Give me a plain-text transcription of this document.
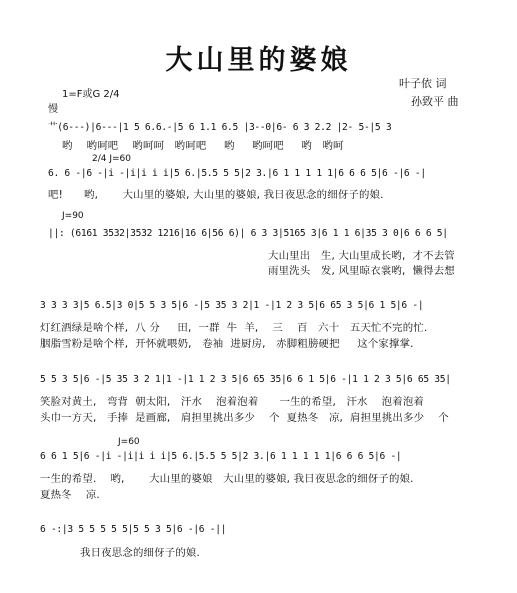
大山里的婆娘
叶子依 词
孙致平 曲
1=F或G 2/4
慢
艹(6---)|6---|1 5 6.6.-|5 6 1.1 6.5 |3--0|6- 6 3 2.2 |2- 5-|5 3
哟    哟呵吧    哟呵呵   哟呵吧     哟     哟呵吧     哟   哟呵
2/4 J=60
6. 6 -|6 -|i -|i|i i i|5 6.|5.5 5 5|2 3.|6 1 1 1 1 1|6 6 6 5|6 -|6 -|
吧!      哟,       大山里的婆娘, 大山里的婆娘, 我日夜思念的细伢子的娘.
J=90
||: (6161 3532|3532 1216|16 6|56 6)| 6 3 3|5165 3|6 1 1 6|35 3 0|6 6 6 5|
大山里出   生, 大山里成长哟,  才不去管
雨里洗头   发, 风里晾衣裳哟,  懒得去想
3 3 3 3|5 6.5|3 0|5 5 3 5|6 -|5 35 3 2|1 -|1 2 3 5|6 65 3 5|6 1 5|6 -|
灯红酒绿是啥个样,  八 分     田,  一群  牛  羊,    三    百   六十   五天忙不完的忙.
胭脂雪粉是啥个样,  开怀就喂奶,   卷袖  进厨房,   赤脚粗膀硬把     这个家撑掌.
5 5 3 5|6 -|5 35 3 2 1|1 -|1 1 2 3 5|6 65 35|6 6 1 5|6 -|1 1 2 3 5|6 65 35|
笑脸对黄土,   弯背  朝太阳,   汗水    泡着泡着      一生的希望,   汗水    泡着泡着
头巾一方天,   手捧  是画廊,   肩担里挑出多少    个  夏热冬   凉,  肩担里挑出多少    个
J=60
6 6 1 5|6 -|i -|i|i i i|5 6.|5.5 5 5|2 3.|6 1 1 1 1 1|6 6 6 5|6 -|
一生的希望.    哟,       大山里的婆娘   大山里的婆娘, 我日夜思念的细伢子的娘.
夏热冬    凉.
6 -:|3 5 5 5 5 5|5 5 3 5|6 -|6 -||
我日夜思念的细伢子的娘.
